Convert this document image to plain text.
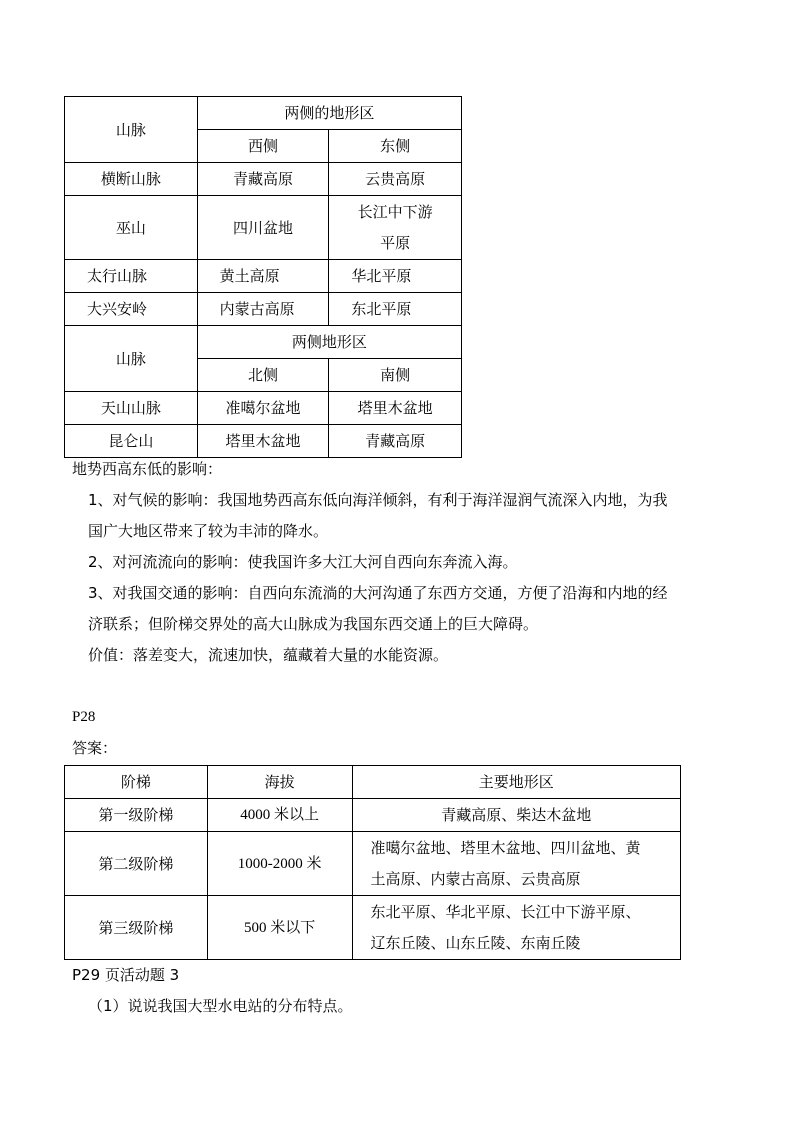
山脉	两侧的地形区	
	西侧	东侧
横断山脉	青藏高原	云贵高原
巫山	四川盆地	长江中下游
平原

太行山脉	黄土高原	华北平原
大兴安岭	内蒙古高原	东北平原
山脉	两侧地形区	
	北侧	南侧
天山山脉	准噶尔盆地	塔里木盆地
昆仑山	塔里木盆地	青藏高原
地势西高东低的影响：
1、对气候的影响：我国地势西高东低向海洋倾斜，有利于海洋湿润气流深入内地，为我
国广大地区带来了较为丰沛的降水。
2、对河流流向的影响：使我国许多大江大河自西向东奔流入海。
3、对我国交通的影响：自西向东流淌的大河沟通了东西方交通，方便了沿海和内地的经
济联系；但阶梯交界处的高大山脉成为我国东西交通上的巨大障碍。
价值：落差变大，流速加快，蕴藏着大量的水能资源。
P28
答案：
阶梯	海拔	主要地形区
第一级阶梯	4000 米以上	青藏高原、柴达木盆地
第二级阶梯	1000-2000 米	准噶尔盆地、塔里木盆地、四川盆地、黄
土高原、内蒙古高原、云贵高原

第三级阶梯	500 米以下	东北平原、华北平原、长江中下游平原、
辽东丘陵、山东丘陵、东南丘陵
P29 页活动题 3
（1）说说我国大型水电站的分布特点。
